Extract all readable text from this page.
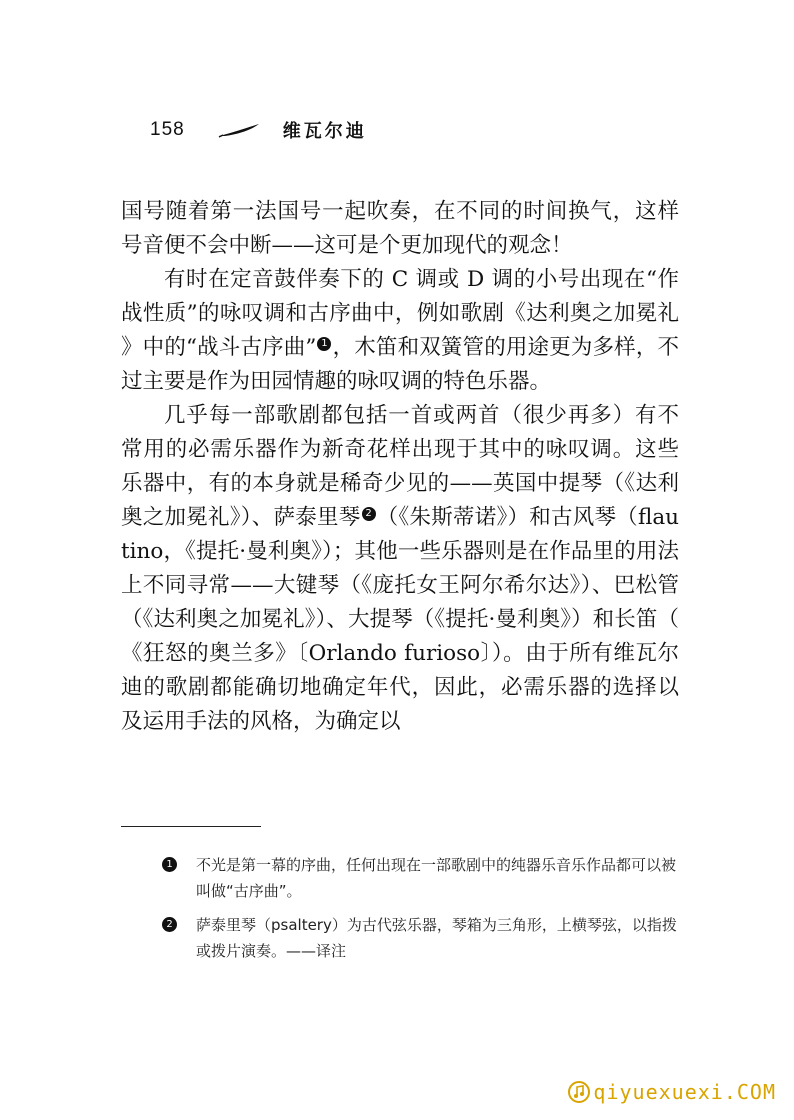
158	维瓦尔迪

国号随着第一法国号一起吹奏，在不同的时间换气，这样号音便不会中断——这可是个更加现代的观念！

有时在定音鼓伴奏下的 C 调或 D 调的小号出现在“作战性质”的咏叹调和古序曲中，例如歌剧《达利奥之加冕礼》中的“战斗古序曲” 1 ，木笛和双簧管的用途更为多样，不过主要是作为田园情趣的咏叹调的特色乐器。

几乎每一部歌剧都包括一首或两首（很少再多）有不常用的必需乐器作为新奇花样出现于其中的咏叹调。这些乐器中，有的本身就是稀奇少见的——英国中提琴（《达利奥之加冕礼》）、萨泰里琴 2 （《朱斯蒂诺》）和古风琴（flautino，《提托·曼利奥》）；其他一些乐器则是在作品里的用法上不同寻常——大键琴（《庞托女王阿尔希尔达》）、巴松管（《达利奥之加冕礼》）、大提琴（《提托·曼利奥》）和长笛（《狂怒的奥兰多》〔Orlando furioso〕）。由于所有维瓦尔迪的歌剧都能确切地确定年代，因此，必需乐器的选择以及运用手法的风格，为确定以

1 不光是第一幕的序曲，任何出现在一部歌剧中的纯器乐音乐作品都可以被叫做“古序曲”。
2 萨泰里琴（psaltery）为古代弦乐器，琴箱为三角形，上横琴弦，以指拨或拨片演奏。——译注
qiyuexuexi.COM
